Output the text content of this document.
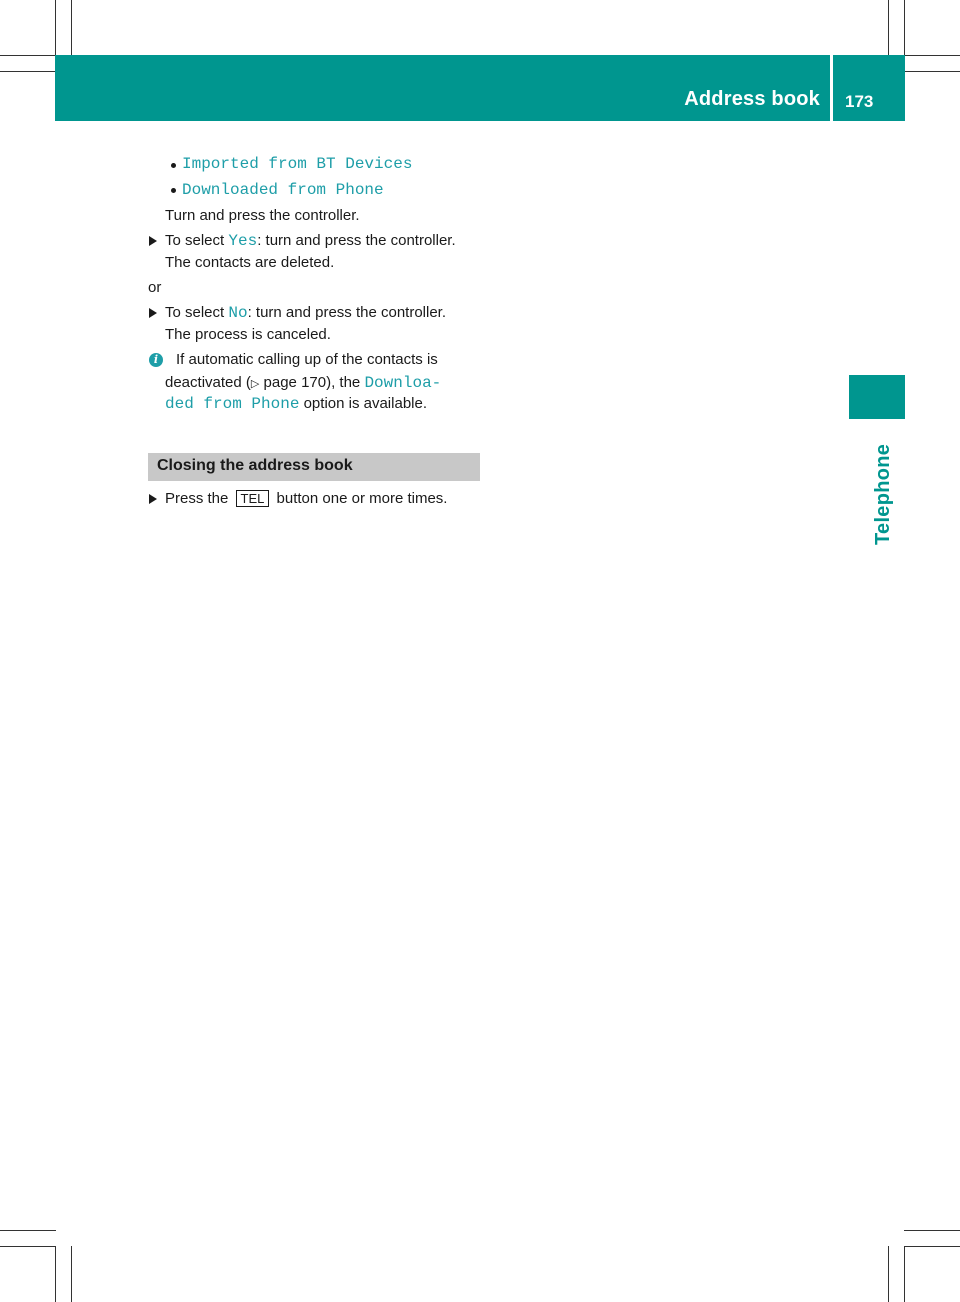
Address book 173
Telephone
Imported from BT Devices
Downloaded from Phone
Turn and press the controller.
To select Yes: turn and press the controller.
The contacts are deleted.
or
To select No: turn and press the controller.
The process is canceled.
i	If automatic calling up of the contacts is
deactivated (▷ page 170), the Downloa‐
ded from Phone option is available.
Closing the address book
Press the TEL button one or more times.
